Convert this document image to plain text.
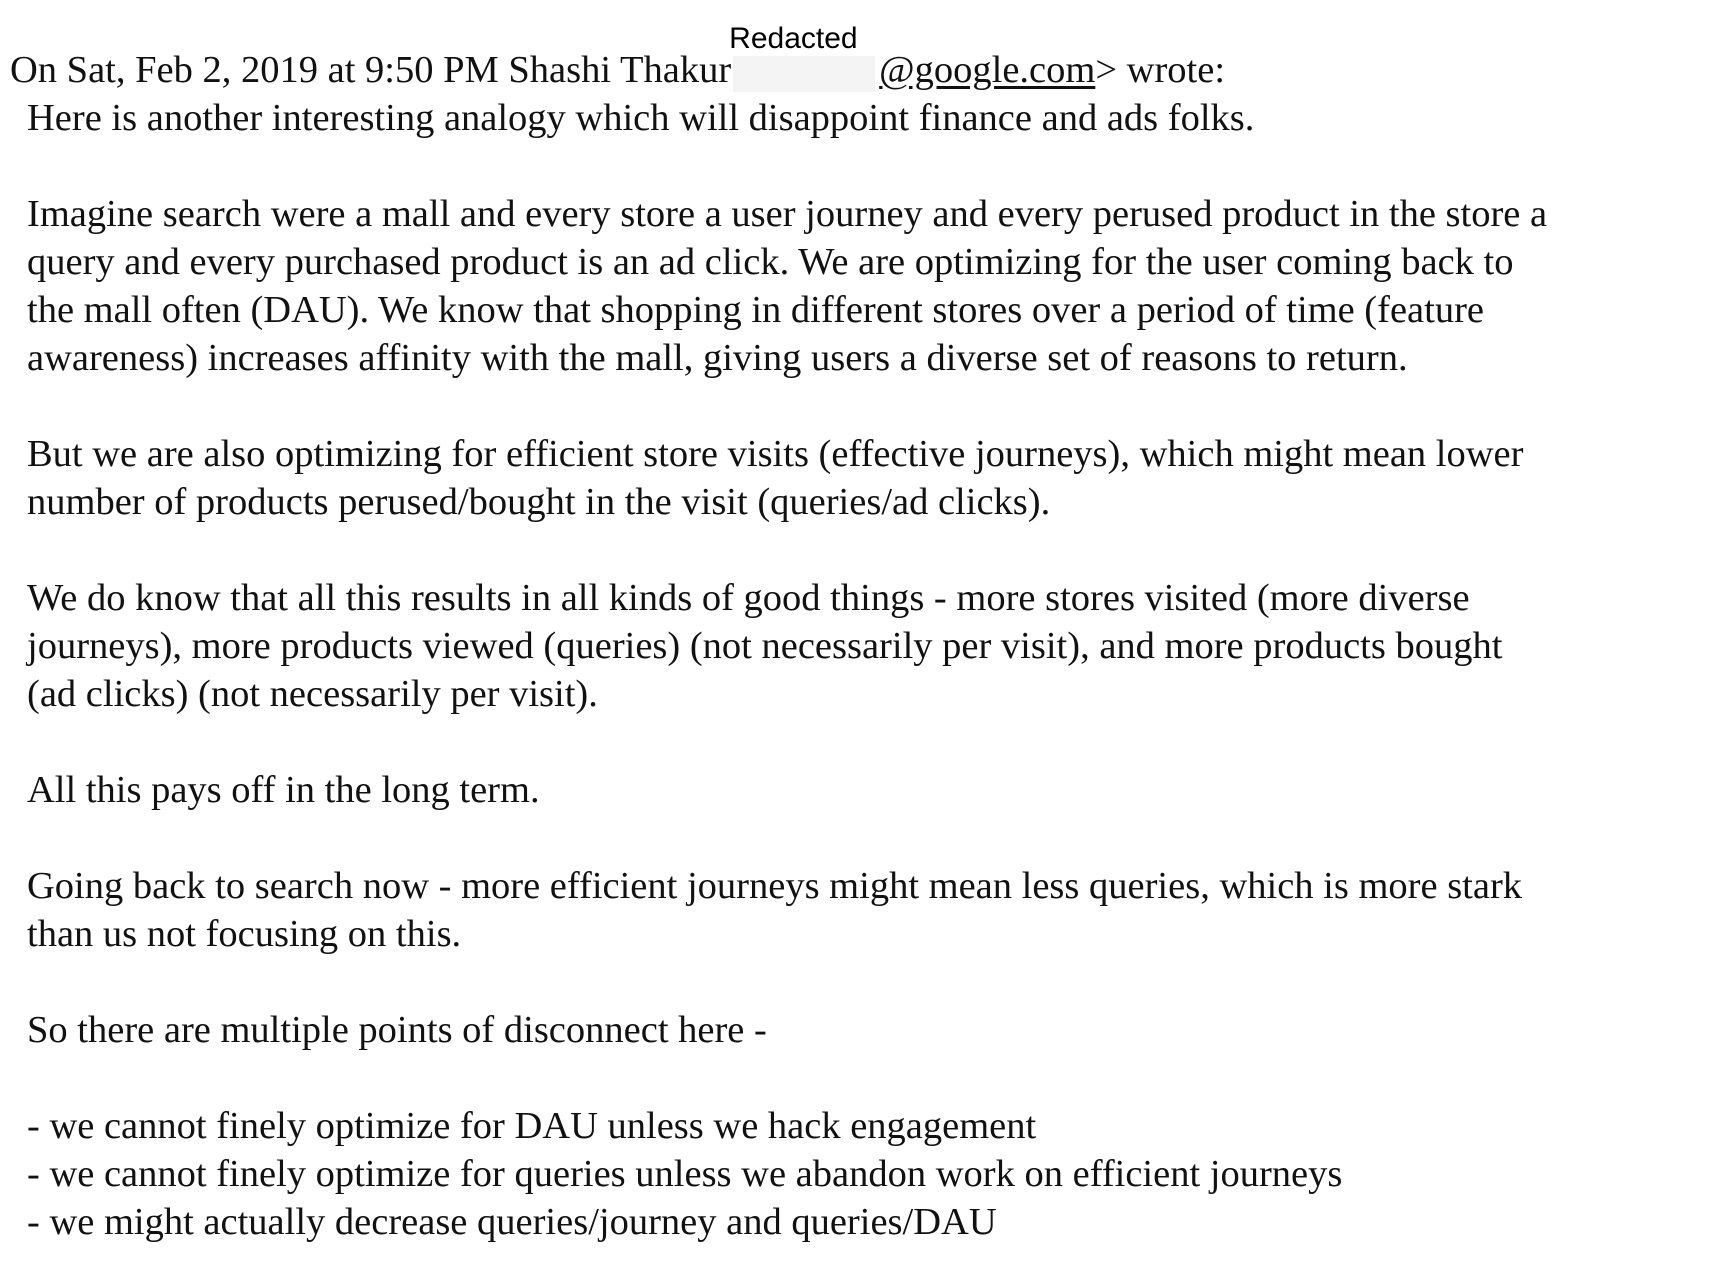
On Sat, Feb 2, 2019 at 9:50 PM Shashi Thakur
Redacted
@google.com> wrote:
Here is another interesting analogy which will disappoint finance and ads folks.
Imagine search were a mall and every store a user journey and every perused product in the store a
query and every purchased product is an ad click. We are optimizing for the user coming back to
the mall often (DAU). We know that shopping in different stores over a period of time (feature
awareness) increases affinity with the mall, giving users a diverse set of reasons to return.
But we are also optimizing for efficient store visits (effective journeys), which might mean lower
number of products perused/bought in the visit (queries/ad clicks).
We do know that all this results in all kinds of good things - more stores visited (more diverse
journeys), more products viewed (queries) (not necessarily per visit), and more products bought
(ad clicks) (not necessarily per visit).
All this pays off in the long term.
Going back to search now - more efficient journeys might mean less queries, which is more stark
than us not focusing on this.
So there are multiple points of disconnect here -
- we cannot finely optimize for DAU unless we hack engagement
- we cannot finely optimize for queries unless we abandon work on efficient journeys
- we might actually decrease queries/journey and queries/DAU
